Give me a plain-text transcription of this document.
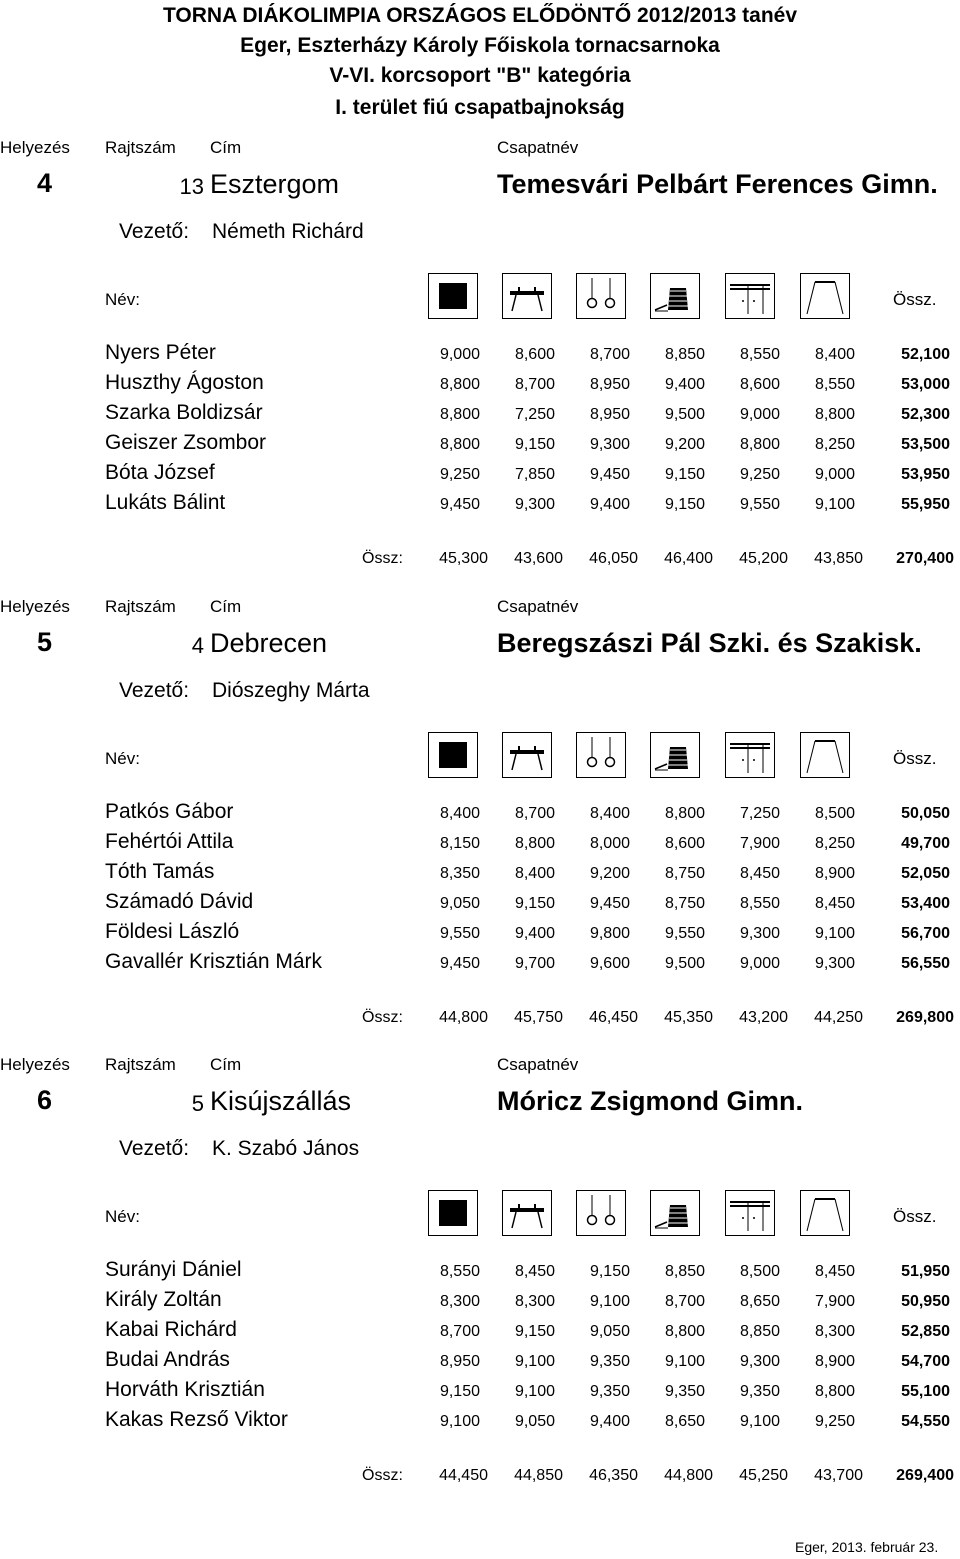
TORNA DIÁKOLIMPIA ORSZÁGOS ELŐDÖNTŐ 2012/2013 tanév
Eger, Eszterházy Károly Főiskola tornacsarnoka
V-VI. korcsoport "B" kategória
I. terület fiú csapatbajnokság
Helyezés Rajtszám Cím	Csapatnév
4	13 Esztergom	Temesvári Pelbárt Ferences Gimn.
Vezető: Németh Richárd
Név:	Össz.
Nyers Péter	9,000	8,600	8,700	8,850	8,550	8,400	52,100
Huszthy Ágoston	8,800	8,700	8,950	9,400	8,600	8,550	53,000
Szarka Boldizsár	8,800	7,250	8,950	9,500	9,000	8,800	52,300
Geiszer Zsombor	8,800	9,150	9,300	9,200	8,800	8,250	53,500
Bóta József	9,250	7,850	9,450	9,150	9,250	9,000	53,950
Lukáts Bálint	9,450	9,300	9,400	9,150	9,550	9,100	55,950
Össz:	45,300	43,600	46,050	46,400	45,200	43,850	270,400
Helyezés Rajtszám Cím	Csapatnév
5	4 Debrecen	Beregszászi Pál Szki. és Szakisk.
Vezető: Diószeghy Márta
Név:	Össz.
Patkós Gábor	8,400	8,700	8,400	8,800	7,250	8,500	50,050
Fehértói Attila	8,150	8,800	8,000	8,600	7,900	8,250	49,700
Tóth Tamás	8,350	8,400	9,200	8,750	8,450	8,900	52,050
Számadó Dávid	9,050	9,150	9,450	8,750	8,550	8,450	53,400
Földesi László	9,550	9,400	9,800	9,550	9,300	9,100	56,700
Gavallér Krisztián Márk	9,450	9,700	9,600	9,500	9,000	9,300	56,550
Össz:	44,800	45,750	46,450	45,350	43,200	44,250	269,800
Helyezés Rajtszám Cím	Csapatnév
6	5 Kisújszállás	Móricz Zsigmond Gimn.
Vezető: K. Szabó János
Név:	Össz.
Surányi Dániel	8,550	8,450	9,150	8,850	8,500	8,450	51,950
Király Zoltán	8,300	8,300	9,100	8,700	8,650	7,900	50,950
Kabai Richárd	8,700	9,150	9,050	8,800	8,850	8,300	52,850
Budai András	8,950	9,100	9,350	9,100	9,300	8,900	54,700
Horváth Krisztián	9,150	9,100	9,350	9,350	9,350	8,800	55,100
Kakas Rezső Viktor	9,100	9,050	9,400	8,650	9,100	9,250	54,550
Össz:	44,450	44,850	46,350	44,800	45,250	43,700	269,400
Eger, 2013. február 23.
